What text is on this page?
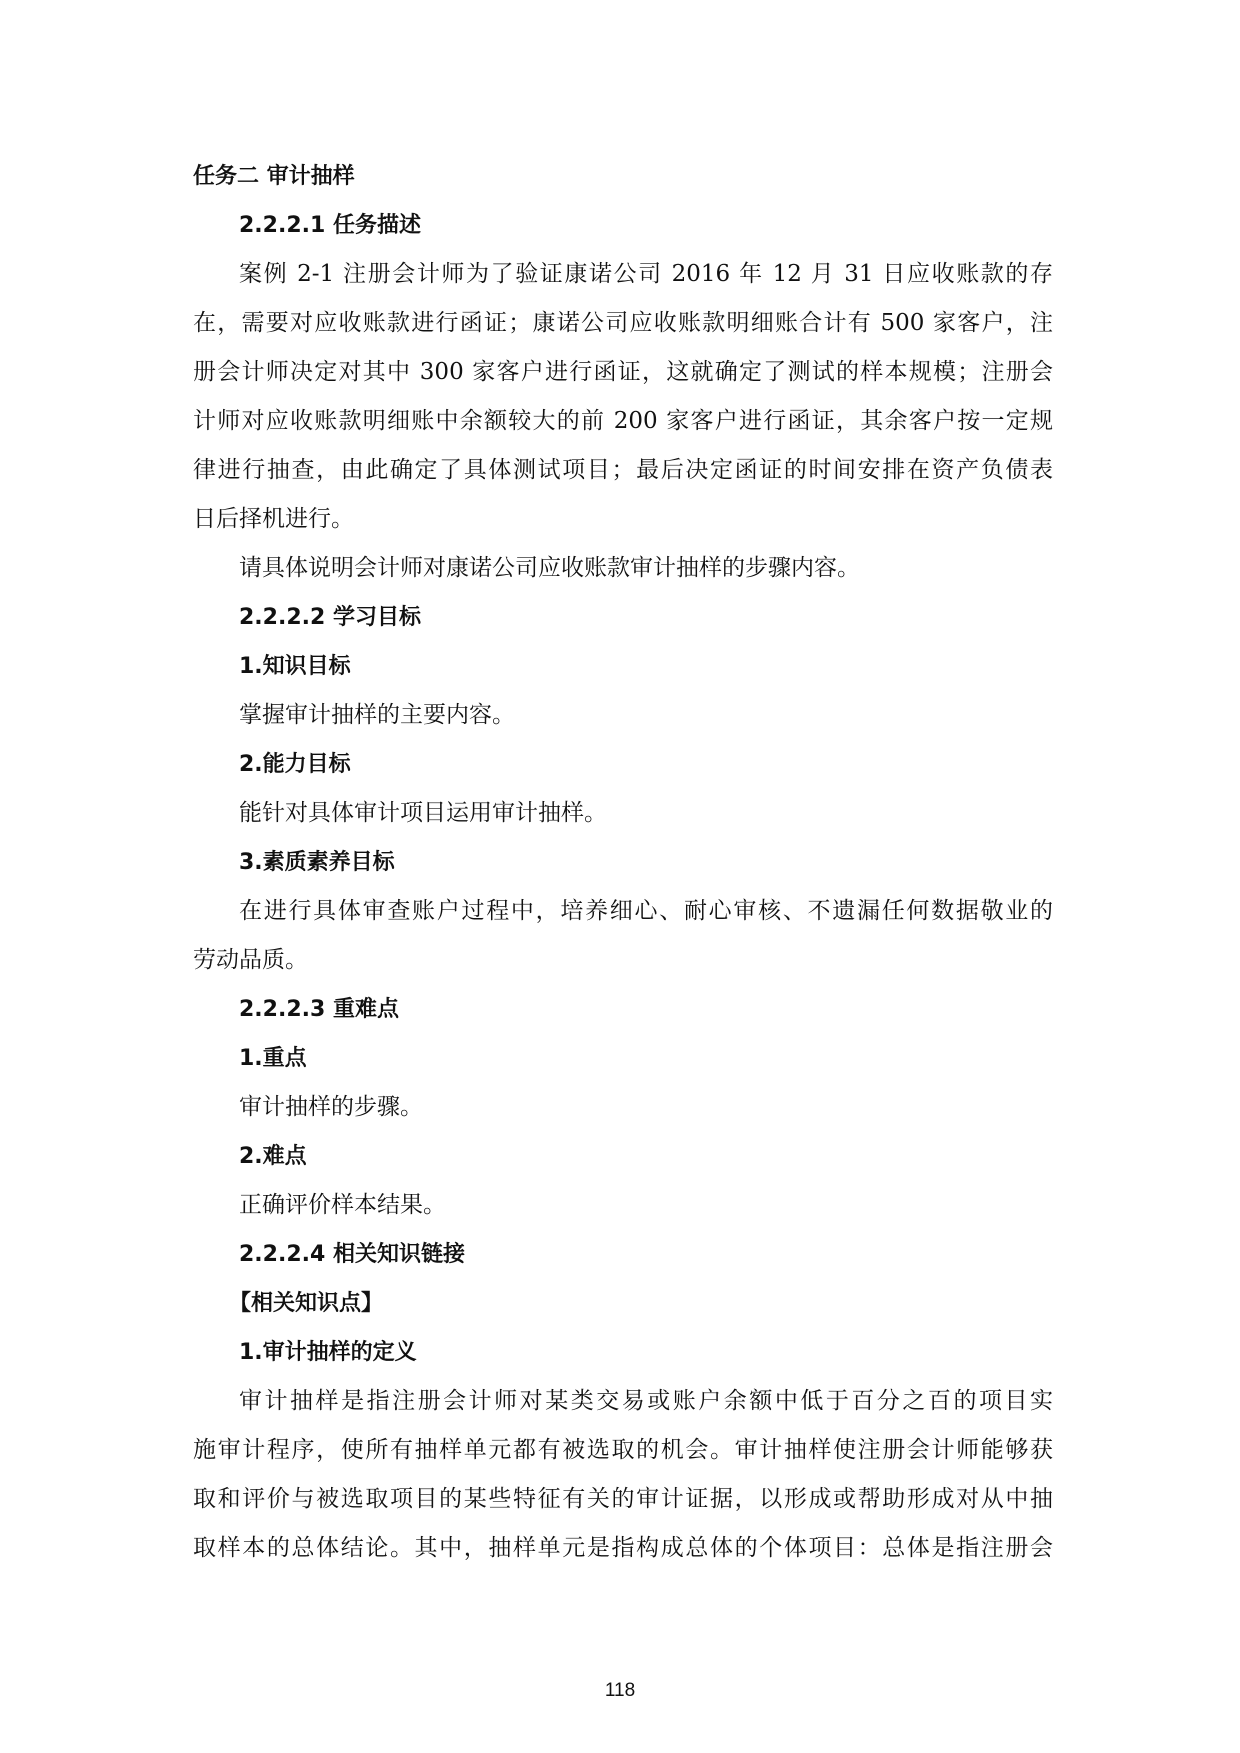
任务二 审计抽样
2.2.2.1 任务描述
案例 2-1 注册会计师为了验证康诺公司 2016 年 12 月 31 日应收账款的存
在，需要对应收账款进行函证；康诺公司应收账款明细账合计有 500 家客户，注
册会计师决定对其中 300 家客户进行函证，这就确定了测试的样本规模；注册会
计师对应收账款明细账中余额较大的前 200 家客户进行函证，其余客户按一定规
律进行抽查，由此确定了具体测试项目；最后决定函证的时间安排在资产负债表
日后择机进行。
请具体说明会计师对康诺公司应收账款审计抽样的步骤内容。
2.2.2.2 学习目标
1.知识目标
掌握审计抽样的主要内容。
2.能力目标
能针对具体审计项目运用审计抽样。
3.素质素养目标
在进行具体审查账户过程中，培养细心、耐心审核、不遗漏任何数据敬业的
劳动品质。
2.2.2.3 重难点
1.重点
审计抽样的步骤。
2.难点
正确评价样本结果。
2.2.2.4 相关知识链接
【相关知识点】
1.审计抽样的定义
审计抽样是指注册会计师对某类交易或账户余额中低于百分之百的项目实
施审计程序，使所有抽样单元都有被选取的机会。审计抽样使注册会计师能够获
取和评价与被选取项目的某些特征有关的审计证据，以形成或帮助形成对从中抽
取样本的总体结论。其中，抽样单元是指构成总体的个体项目：总体是指注册会
118
